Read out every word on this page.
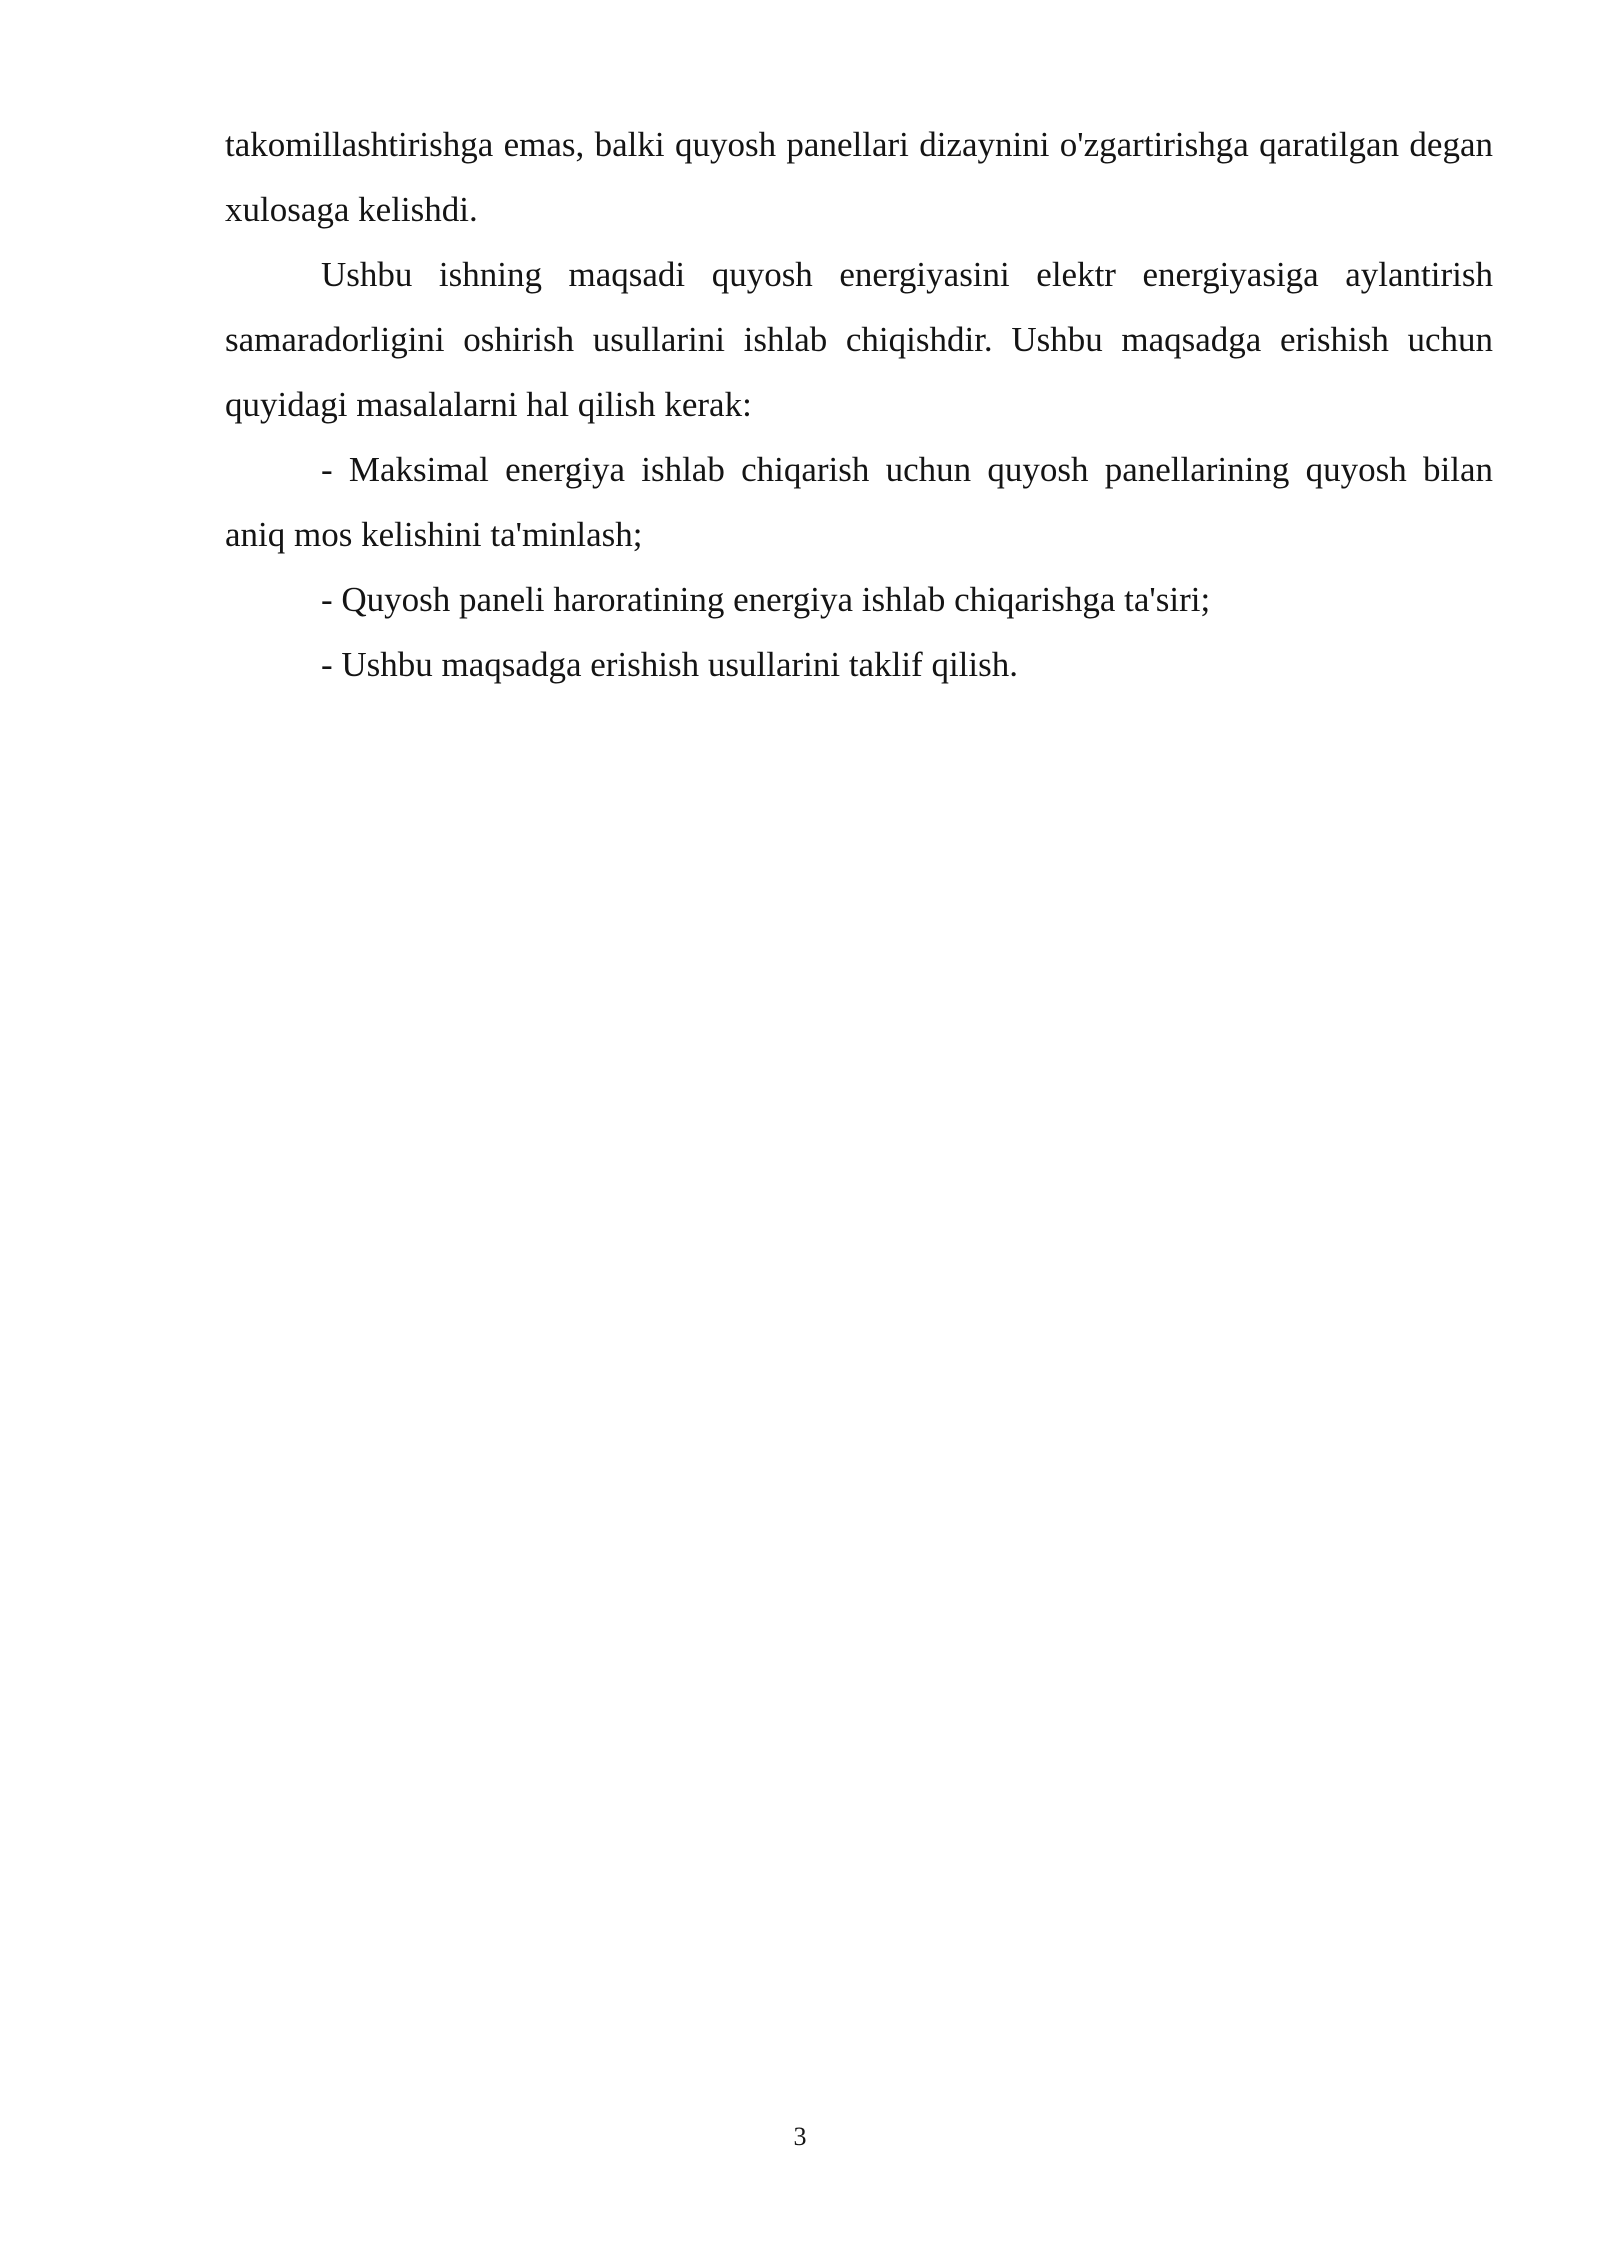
takomillashtirishga emas, balki quyosh panellari dizaynini o'zgartirishga qaratilgan degan xulosaga kelishdi.

Ushbu ishning maqsadi quyosh energiyasini elektr energiyasiga aylantirish samaradorligini oshirish usullarini ishlab chiqishdir. Ushbu maqsadga erishish uchun quyidagi masalalarni hal qilish kerak:

- Maksimal energiya ishlab chiqarish uchun quyosh panellarining quyosh bilan aniq mos kelishini ta'minlash;

- Quyosh paneli haroratining energiya ishlab chiqarishga ta'siri;

- Ushbu maqsadga erishish usullarini taklif qilish.

3
